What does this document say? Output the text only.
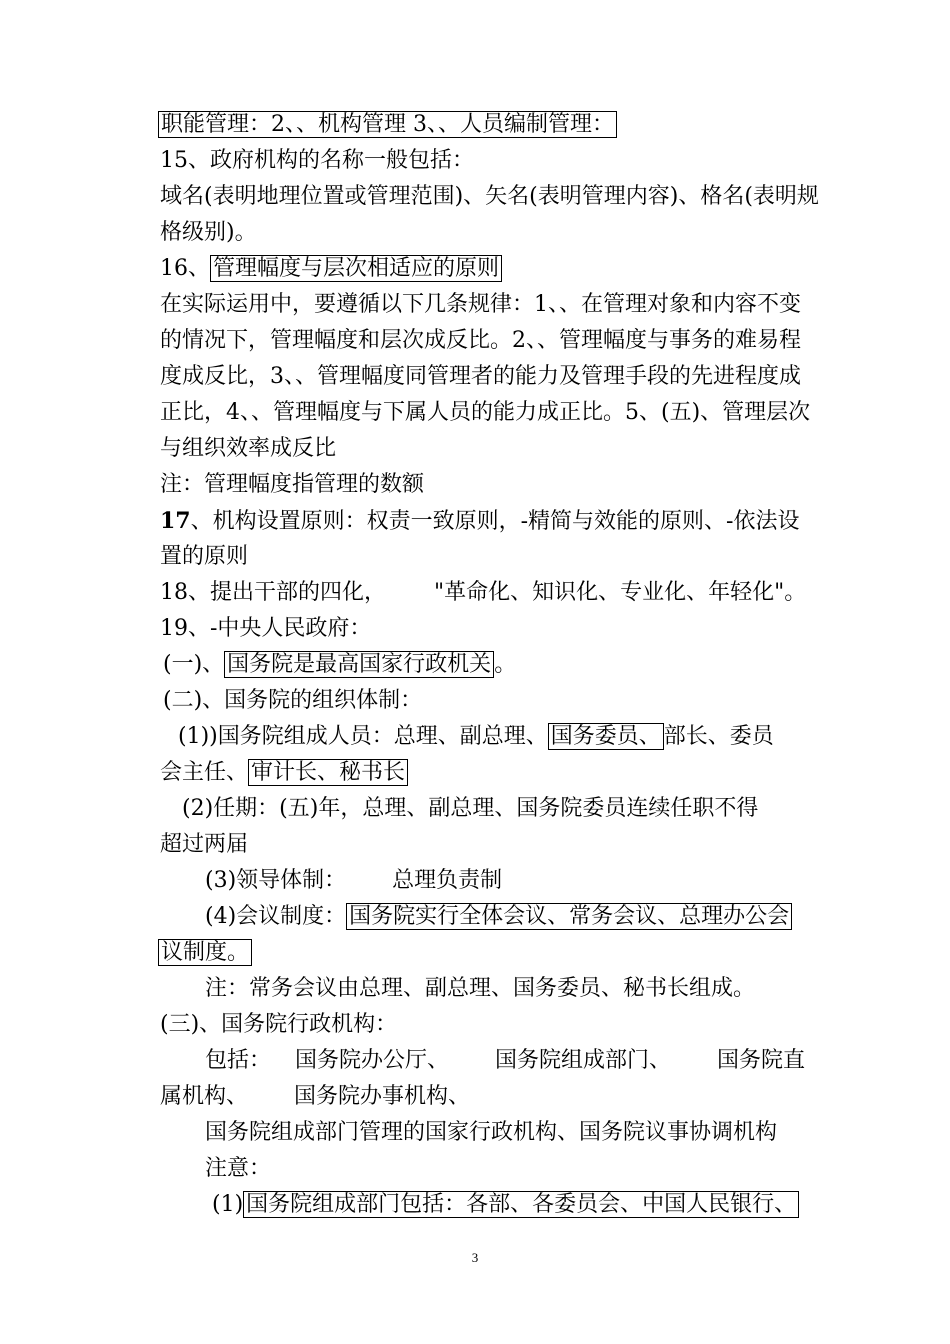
职能管理：2、、机构管理 3、、人员编制管理：
15、政府机构的名称一般包括：
域名(表明地理位置或管理范围)、矢名(表明管理内容)、格名(表明规
格级别)。
16、 管理幅度与层次相适应的原则
在实际运用中，要遵循以下几条规律：1、、在管理对象和内容不变
的情况下，管理幅度和层次成反比。2、、管理幅度与事务的难易程
度成反比，3、、管理幅度同管理者的能力及管理手段的先进程度成
正比，4、、管理幅度与下属人员的能力成正比。5、(五)、管理层次
与组织效率成反比
注：管理幅度指管理的数额
17、机构设置原则：权责一致原则，-精简与效能的原则、-依法设
置的原则
18、提出干部的四化， "革命化、知识化、专业化、年轻化"。
19、-中央人民政府：
(一)、 国务院是最高国家行政机关 。
(二)、国务院的组织体制：
(1))国务院组成人员：总理、副总理、 国务委员、 部长、委员
会主任、 审计长、秘书长
(2)任期：(五)年，总理、副总理、国务院委员连续任职不得
超过两届
(3)领导体制： 总理负责制
(4)会议制度： 国务院实行全体会议、常务会议、总理办公会
议制度。
注：常务会议由总理、副总理、国务委员、秘书长组成。
(三)、国务院行政机构：
包括： 国务院办公厅、 国务院组成部门、 国务院直
属机构、 国务院办事机构、
国务院组成部门管理的国家行政机构、国务院议事协调机构
注意：
(1) 国务院组成部门包括：各部、各委员会、中国人民银行、
3
